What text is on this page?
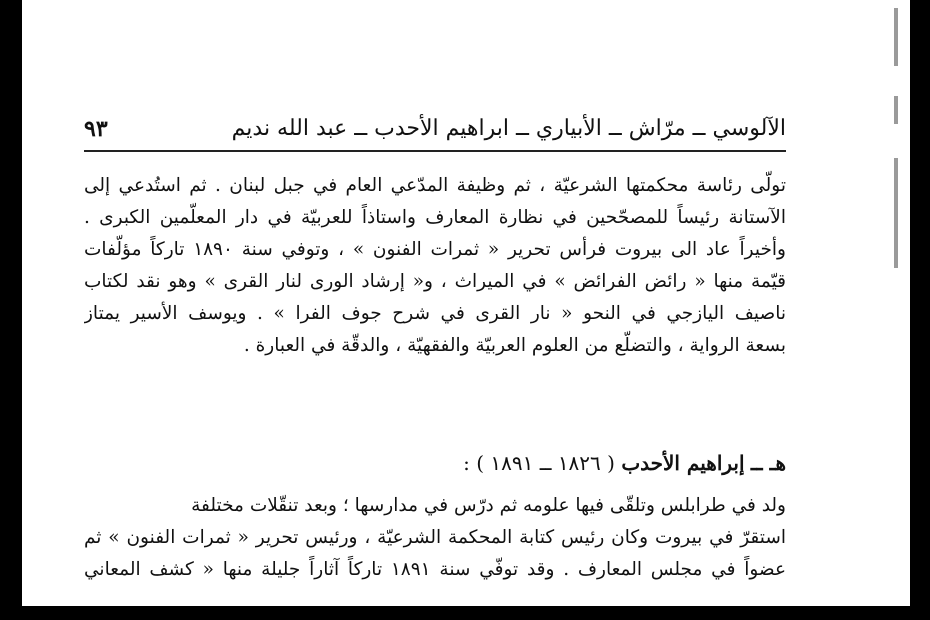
٩٣	الآلوسي ــ مرّاش ــ الأبياري ــ ابراهيم الأحدب ــ عبد الله نديم
تولّى رئاسة محكمتها الشرعيّة ، ثم وظيفة المدّعي العام في جبل لبنان . ثم استُدعي إلى
الآستانة رئيساً للمصحّحين في نظارة المعارف واستاذاً للعربيّة في دار المعلّمين الكبرى .
وأخيراً عاد الى بيروت فرأس تحرير « ثمرات الفنون » ، وتوفي سنة ١٨٩٠ تاركاً مؤلّفات
قيّمة منها « رائض الفرائض » في الميراث ، و« إرشاد الورى لنار القرى » وهو نقد لكتاب
ناصيف اليازجي في النحو « نار القرى في شرح جوف الفرا » . ويوسف الأسير يمتاز
بسعة الرواية ، والتضلّع من العلوم العربيّة والفقهيّة ، والدقّة في العبارة .
هـ ــ إبراهيم الأحدب ( ١٨٢٦ ــ ١٨٩١ ) :
ولد في طرابلس وتلقّى فيها علومه ثم درّس في مدارسها ؛ وبعد تنقّلات مختلفة
استقرّ في بيروت وكان رئيس كتابة المحكمة الشرعيّة ، ورئيس تحرير « ثمرات الفنون » ثم
عضواً في مجلس المعارف . وقد توفّي سنة ١٨٩١ تاركاً آثاراً جليلة منها « كشف المعاني
